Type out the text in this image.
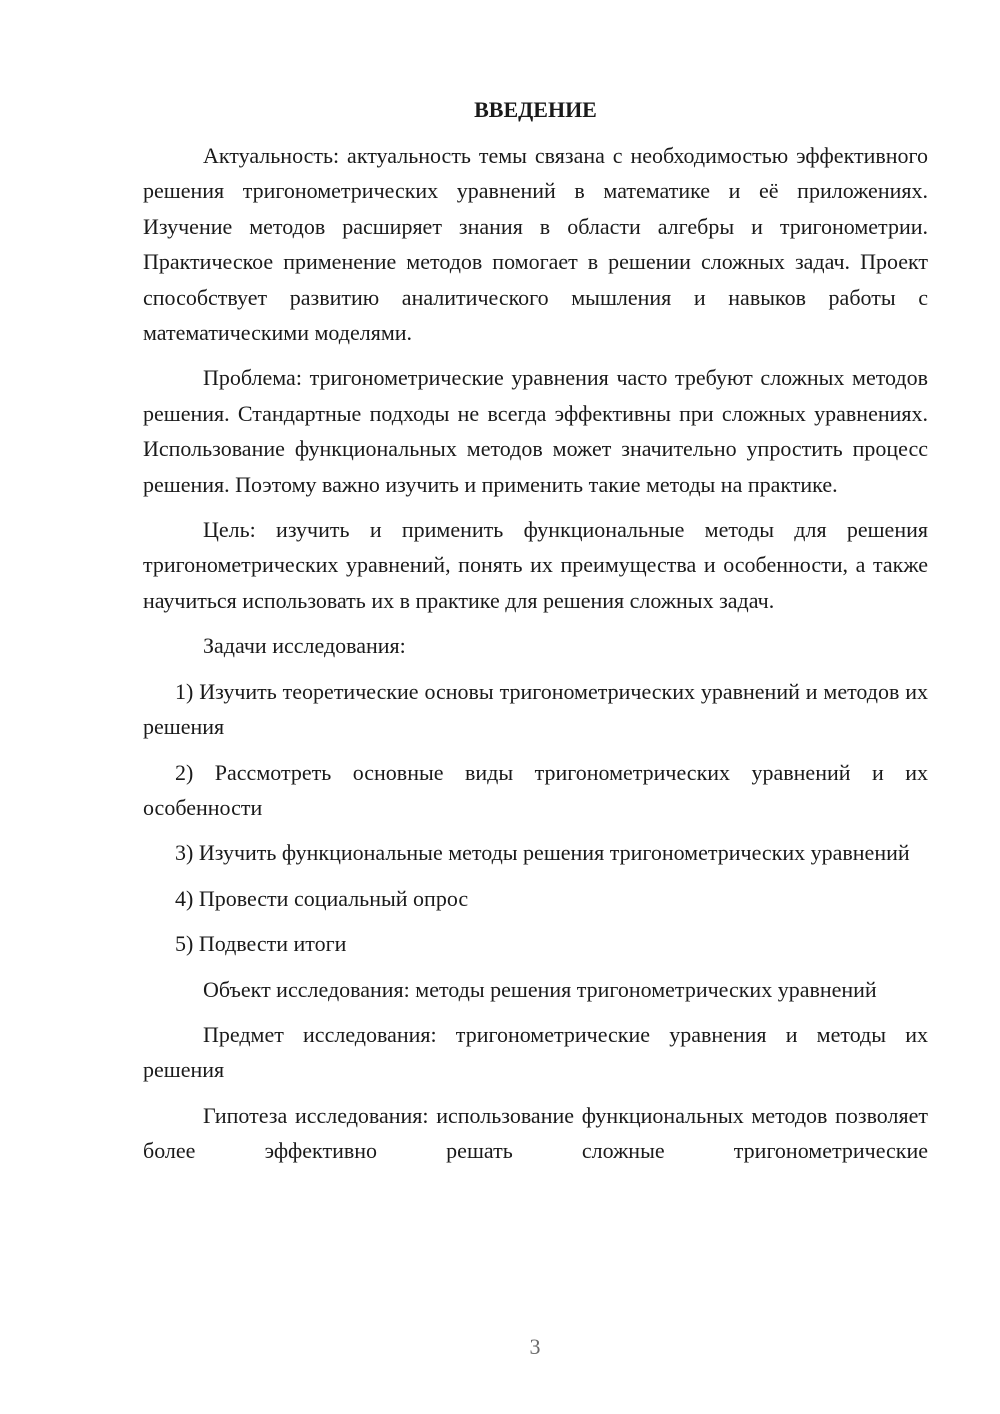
ВВЕДЕНИЕ

Актуальность: актуальность темы связана с необходимостью эффективного решения тригонометрических уравнений в математике и её приложениях. Изучение методов расширяет знания в области алгебры и тригонометрии. Практическое применение методов помогает в решении сложных задач. Проект способствует развитию аналитического мышления и навыков работы с математическими моделями.

Проблема: тригонометрические уравнения часто требуют сложных методов решения. Стандартные подходы не всегда эффективны при сложных уравнениях. Использование функциональных методов может значительно упростить процесс решения. Поэтому важно изучить и применить такие методы на практике.

Цель: изучить и применить функциональные методы для решения тригонометрических уравнений, понять их преимущества и особенности, а также научиться использовать их в практике для решения сложных задач.

Задачи исследования:

1) Изучить теоретические основы тригонометрических уравнений и методов их решения

2) Рассмотреть основные виды тригонометрических уравнений и их особенности

3) Изучить функциональные методы решения тригонометрических уравнений

4) Провести социальный опрос

5) Подвести итоги

Объект исследования: методы решения тригонометрических уравнений

Предмет исследования: тригонометрические уравнения и методы их решения

Гипотеза исследования: использование функциональных методов позволяет более эффективно решать сложные тригонометрические

3
